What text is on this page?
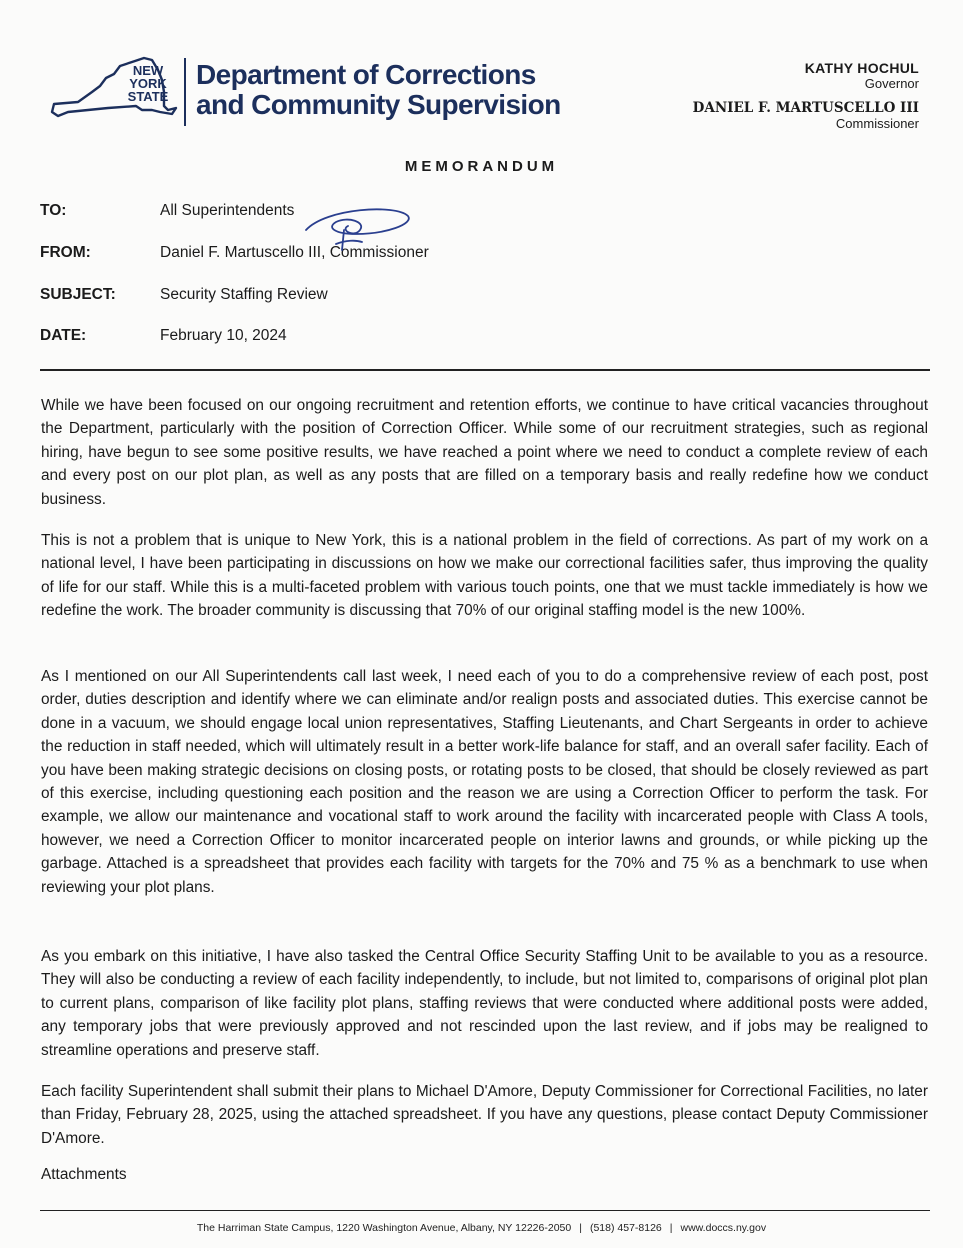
NEW
YORK
STATE
Department of Corrections
and Community Supervision
KATHY HOCHUL
Governor
DANIEL F. MARTUSCELLO III
Commissioner
MEMORANDUM
TO:	All Superintendents
FROM:	Daniel F. Martuscello III, Commissioner
SUBJECT:	Security Staffing Review
DATE:	February 10, 2024

While we have been focused on our ongoing recruitment and retention efforts, we continue to have critical vacancies throughout the Department, particularly with the position of Correction Officer. While some of our recruitment strategies, such as regional hiring, have begun to see some positive results, we have reached a point where we need to conduct a complete review of each and every post on our plot plan, as well as any posts that are filled on a temporary basis and really redefine how we conduct business.

This is not a problem that is unique to New York, this is a national problem in the field of corrections. As part of my work on a national level, I have been participating in discussions on how we make our correctional facilities safer, thus improving the quality of life for our staff. While this is a multi-faceted problem with various touch points, one that we must tackle immediately is how we redefine the work. The broader community is discussing that 70% of our original staffing model is the new 100%.

As I mentioned on our All Superintendents call last week, I need each of you to do a comprehensive review of each post, post order, duties description and identify where we can eliminate and/or realign posts and associated duties. This exercise cannot be done in a vacuum, we should engage local union representatives, Staffing Lieutenants, and Chart Sergeants in order to achieve the reduction in staff needed, which will ultimately result in a better work-life balance for staff, and an overall safer facility. Each of you have been making strategic decisions on closing posts, or rotating posts to be closed, that should be closely reviewed as part of this exercise, including questioning each position and the reason we are using a Correction Officer to perform the task. For example, we allow our maintenance and vocational staff to work around the facility with incarcerated people with Class A tools, however, we need a Correction Officer to monitor incarcerated people on interior lawns and grounds, or while picking up the garbage. Attached is a spreadsheet that provides each facility with targets for the 70% and 75 % as a benchmark to use when reviewing your plot plans.

As you embark on this initiative, I have also tasked the Central Office Security Staffing Unit to be available to you as a resource. They will also be conducting a review of each facility independently, to include, but not limited to, comparisons of original plot plan to current plans, comparison of like facility plot plans, staffing reviews that were conducted where additional posts were added, any temporary jobs that were previously approved and not rescinded upon the last review, and if jobs may be realigned to streamline operations and preserve staff.

Each facility Superintendent shall submit their plans to Michael D'Amore, Deputy Commissioner for Correctional Facilities, no later than Friday, February 28, 2025, using the attached spreadsheet. If you have any questions, please contact Deputy Commissioner D'Amore.

Attachments
The Harriman State Campus, 1220 Washington Avenue, Albany, NY 12226-2050 | (518) 457-8126 | www.doccs.ny.gov
